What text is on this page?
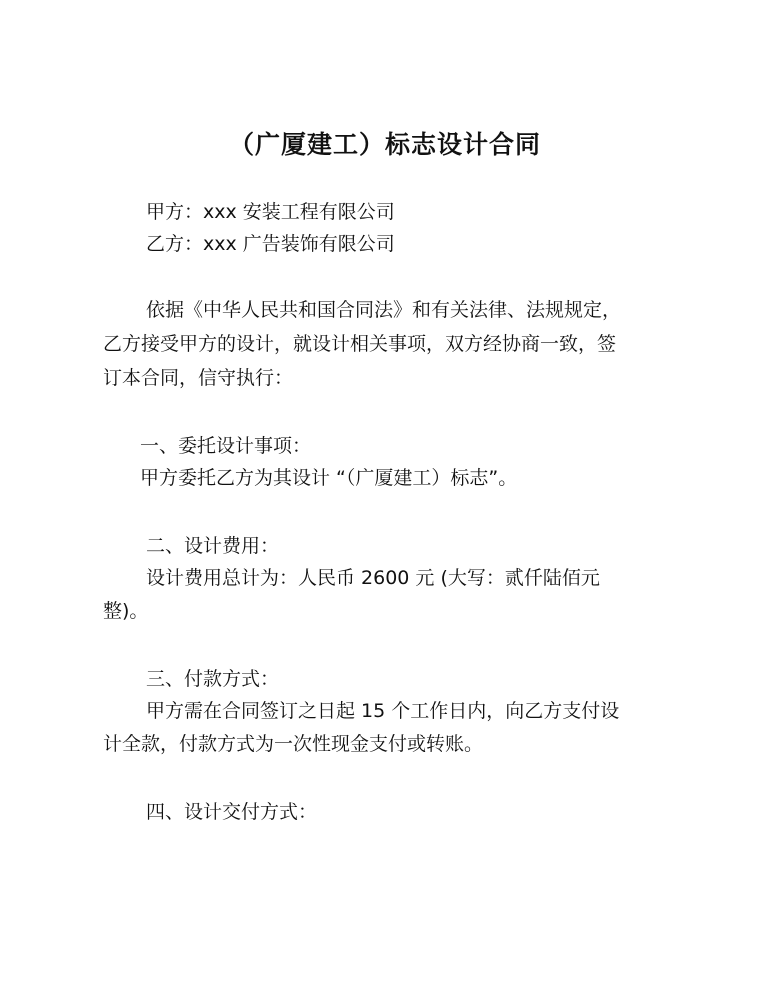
（广厦建工）标志设计合同
甲方：xxx 安装工程有限公司
乙方：xxx 广告装饰有限公司
依据《中华人民共和国合同法》和有关法律、法规规定，
乙方接受甲方的设计，就设计相关事项，双方经协商一致，签
订本合同，信守执行：
一、委托设计事项：
甲方委托乙方为其设计 “（广厦建工）标志”。
二、设计费用：
设计费用总计为：人民币 2600 元 (大写：贰仟陆佰元
整)。
三、付款方式：
甲方需在合同签订之日起 15 个工作日内，向乙方支付设
计全款，付款方式为一次性现金支付或转账。
四、设计交付方式：
